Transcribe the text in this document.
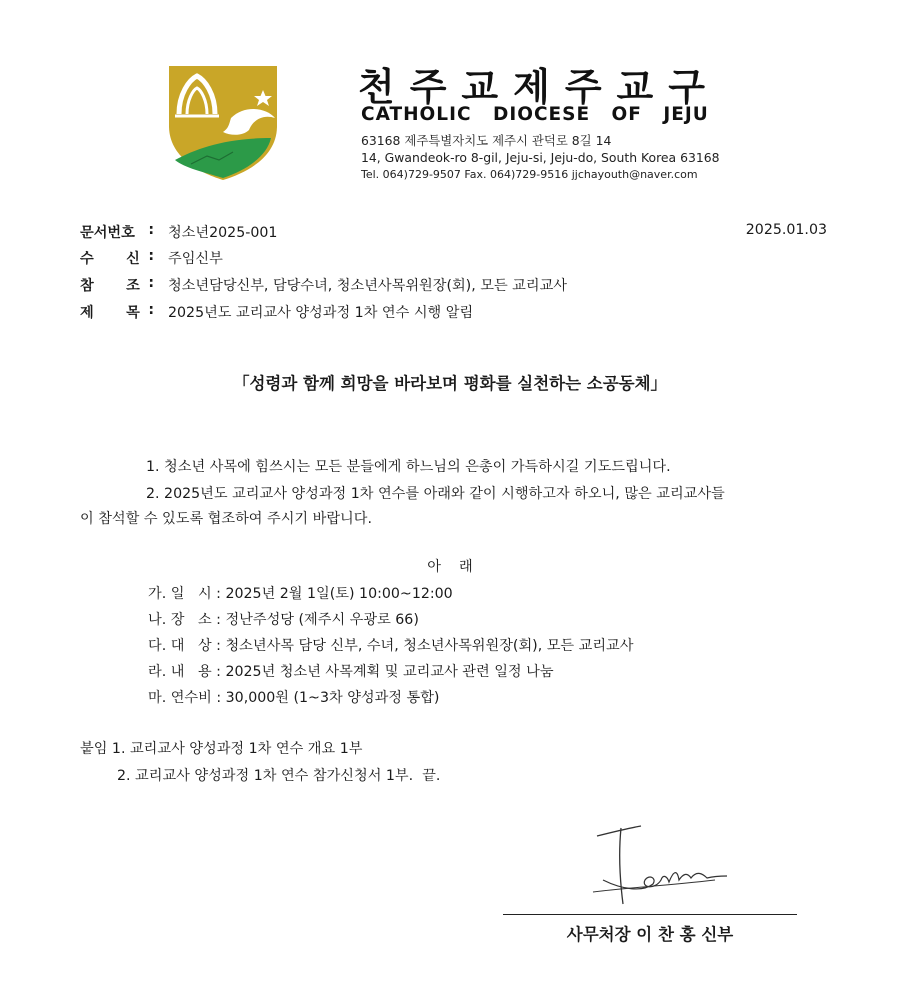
천주교제주교구
CATHOLIC DIOCESE OF JEJU
63168 제주특별자치도 제주시 관덕로 8길 14
14, Gwandeok-ro 8-gil, Jeju-si, Jeju-do, South Korea 63168
Tel. 064)729-9507 Fax. 064)729-9516 jjchayouth@naver.com
문서번호 : 청소년2025-001	2025.01.03
수 신 : 주임신부
참 조 : 청소년담당신부, 담당수녀, 청소년사목위원장(회), 모든 교리교사
제 목 : 2025년도 교리교사 양성과정 1차 연수 시행 알림
「성령과 함께 희망을 바라보며 평화를 실천하는 소공동체」
1. 청소년 사목에 힘쓰시는 모든 분들에게 하느님의 은총이 가득하시길 기도드립니다.
2. 2025년도 교리교사 양성과정 1차 연수를 아래와 같이 시행하고자 하오니, 많은 교리교사들
이 참석할 수 있도록 협조하여 주시기 바랍니다.
아래
가. 일   시 : 2025년 2월 1일(토) 10:00~12:00
나. 장   소 : 정난주성당 (제주시 우광로 66)
다. 대   상 : 청소년사목 담당 신부, 수녀, 청소년사목위원장(회), 모든 교리교사
라. 내   용 : 2025년 청소년 사목계획 및 교리교사 관련 일정 나눔
마. 연수비 : 30,000원 (1~3차 양성과정 통합)
붙임 1. 교리교사 양성과정 1차 연수 개요 1부
2. 교리교사 양성과정 1차 연수 참가신청서 1부.  끝.
사무처장 이 찬 홍 신부
